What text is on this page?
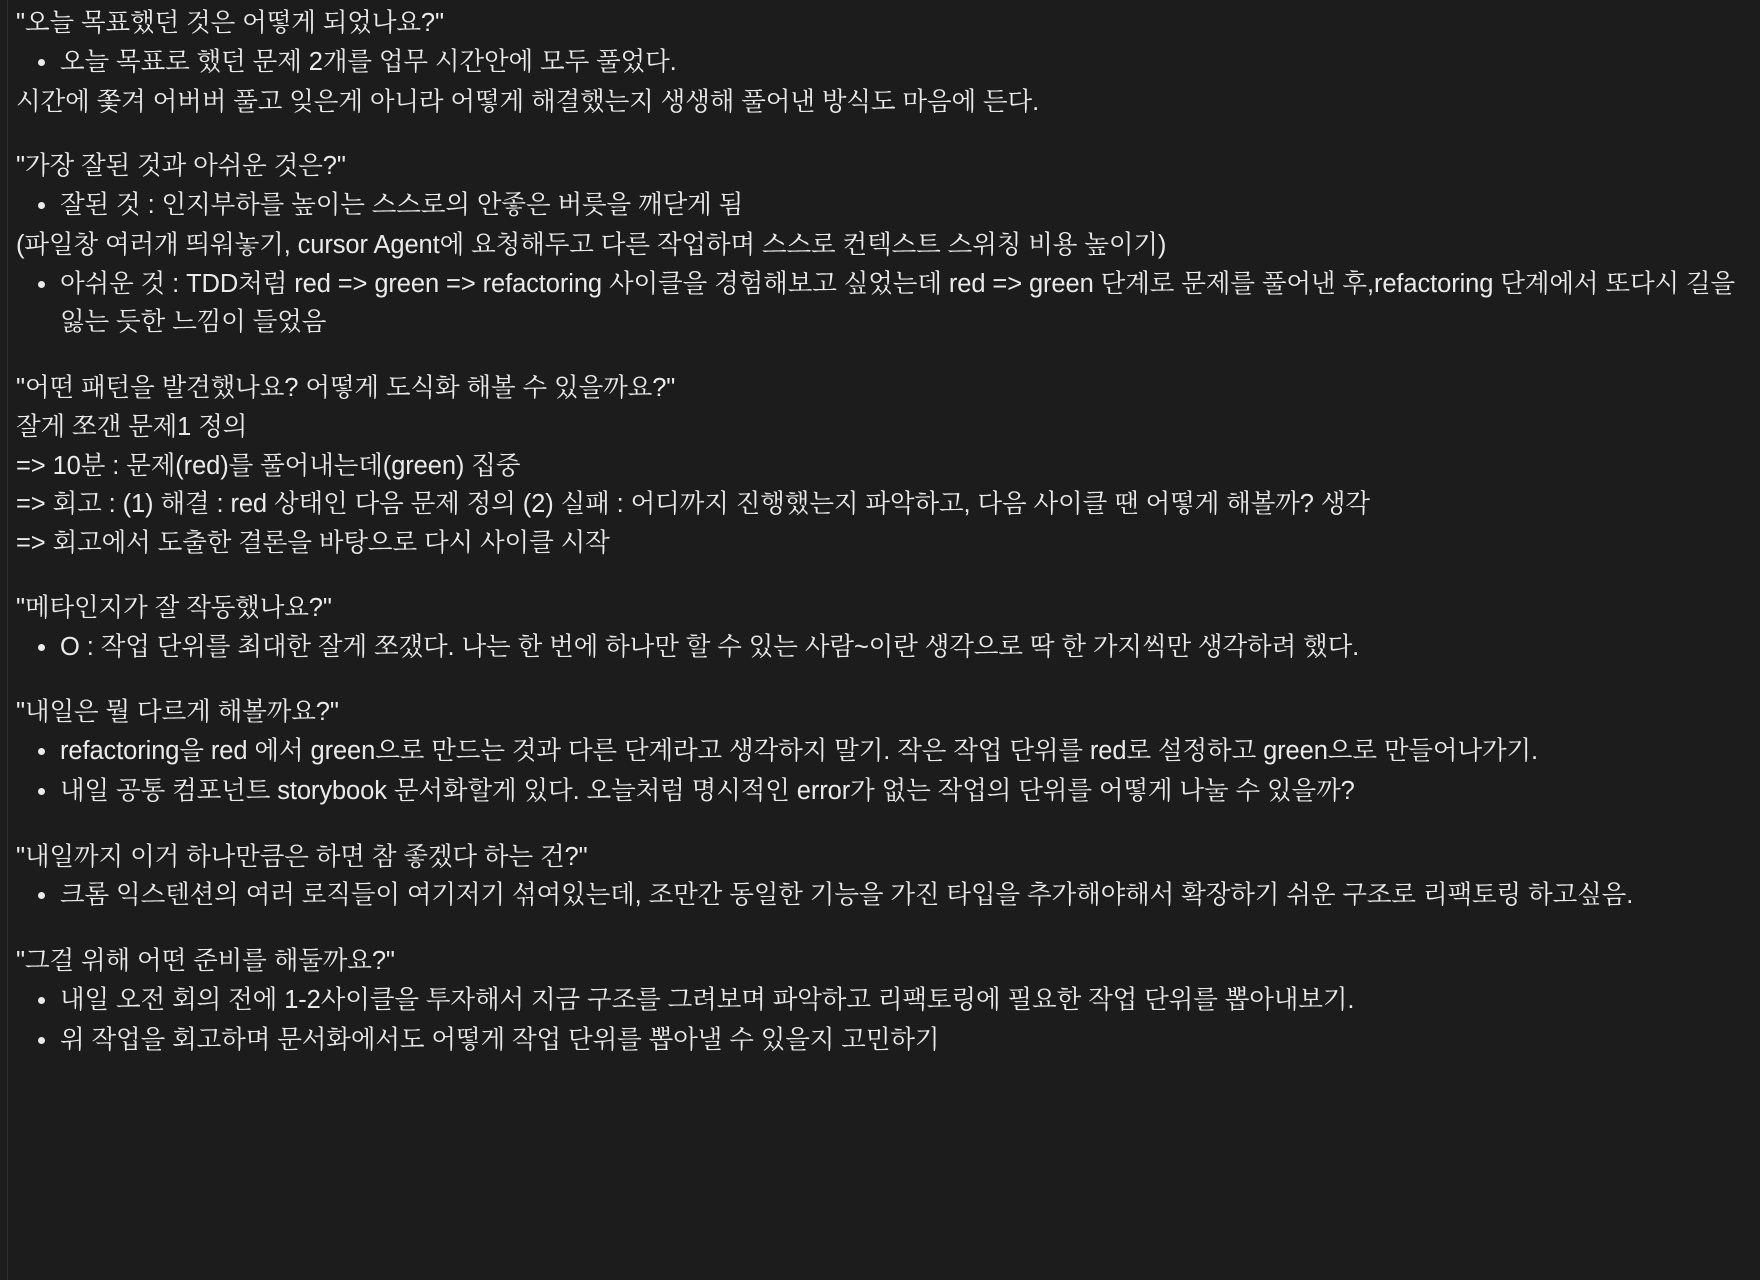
"오늘 목표했던 것은 어떻게 되었나요?"

오늘 목표로 했던 문제 2개를 업무 시간안에 모두 풀었다.

시간에 쫓겨 어버버 풀고 잊은게 아니라 어떻게 해결했는지 생생해 풀어낸 방식도 마음에 든다.

"가장 잘된 것과 아쉬운 것은?"

잘된 것 : 인지부하를 높이는 스스로의 안좋은 버릇을 깨닫게 됨

(파일창 여러개 띄워놓기, cursor Agent에 요청해두고 다른 작업하며 스스로 컨텍스트 스위칭 비용 높이기)

아쉬운 것 : TDD처럼 red => green => refactoring 사이클을 경험해보고 싶었는데 red => green 단계로 문제를 풀어낸 후,refactoring 단계에서 또다시 길을 잃는 듯한 느낌이 들었음

"어떤 패턴을 발견했나요? 어떻게 도식화 해볼 수 있을까요?"

잘게 쪼갠 문제1 정의

=> 10분 : 문제(red)를 풀어내는데(green) 집중

=> 회고 : (1) 해결 : red 상태인 다음 문제 정의 (2) 실패 : 어디까지 진행했는지 파악하고, 다음 사이클 땐 어떻게 해볼까? 생각

=> 회고에서 도출한 결론을 바탕으로 다시 사이클 시작

"메타인지가 잘 작동했나요?"

O : 작업 단위를 최대한 잘게 쪼갰다. 나는 한 번에 하나만 할 수 있는 사람~이란 생각으로 딱 한 가지씩만 생각하려 했다.

"내일은 뭘 다르게 해볼까요?"

refactoring을 red 에서 green으로 만드는 것과 다른 단계라고 생각하지 말기. 작은 작업 단위를 red로 설정하고 green으로 만들어나가기.
내일 공통 컴포넌트 storybook 문서화할게 있다. 오늘처럼 명시적인 error가 없는 작업의 단위를 어떻게 나눌 수 있을까?

"내일까지 이거 하나만큼은 하면 참 좋겠다 하는 건?"

크롬 익스텐션의 여러 로직들이 여기저기 섞여있는데, 조만간 동일한 기능을 가진 타입을 추가해야해서 확장하기 쉬운 구조로 리팩토링 하고싶음.

"그걸 위해 어떤 준비를 해둘까요?"

내일 오전 회의 전에 1-2사이클을 투자해서 지금 구조를 그려보며 파악하고 리팩토링에 필요한 작업 단위를 뽑아내보기.
위 작업을 회고하며 문서화에서도 어떻게 작업 단위를 뽑아낼 수 있을지 고민하기
